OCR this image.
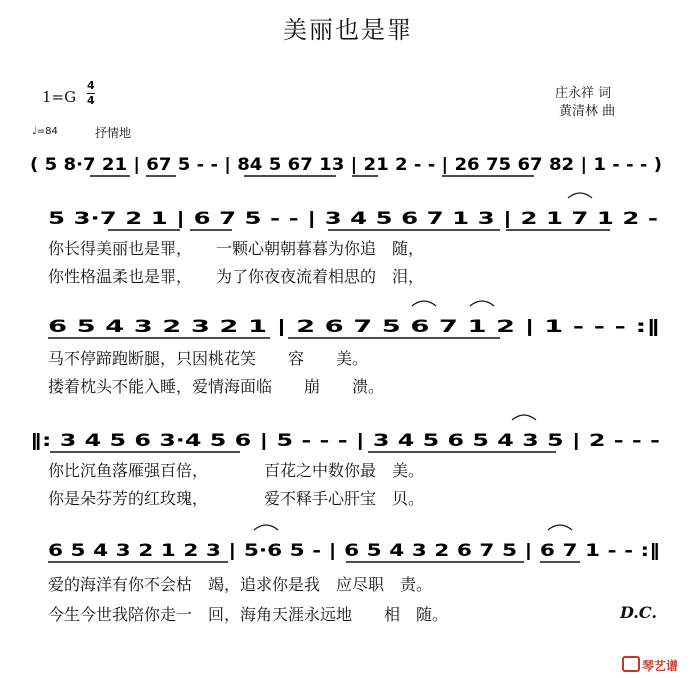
美丽也是罪
1=G
4
4	庄永祥 词
黄清林 曲
♩=84	抒情地
( 5 8·7 21 | 67 5 - - | 84 5 67 13 | 21 2 - - | 26 75 67 82 | 1 - - - )
5 3·7 2 1 | 6 7 5 - - | 3 4 5 6 7 1 3 | 2 1 7 1 2 -
6 5 4 3 2 3 2 1 | 2 6 7 5 6 7 1 2 | 1 - - - :‖
‖: 3 4 5 6 3·4 5 6 | 5 - - - | 3 4 5 6 5 4 3 5 | 2 - - -
6 5 4 3 2 1 2 3 | 5·6 5 - | 6 5 4 3 2 6 7 5 | 6 7 1 - - :‖
你长得美丽也是罪，　　一颗心朝朝暮暮为你追　随，
你性格温柔也是罪，　　为了你夜夜流着相思的　泪，
马不停蹄跑断腿，只因桃花笑　　容　　美。
搂着枕头不能入睡，爱情海面临　　崩　　溃。
你比沉鱼落雁强百倍，　　　　百花之中数你最　美。
你是朵芬芳的红玫瑰，　　　　爱不释手心肝宝　贝。
爱的海洋有你不会枯　竭，追求你是我　应尽职　责。
今生今世我陪你走一　回，海角天涯永远地　　相　随。	D.C.
琴艺谱
